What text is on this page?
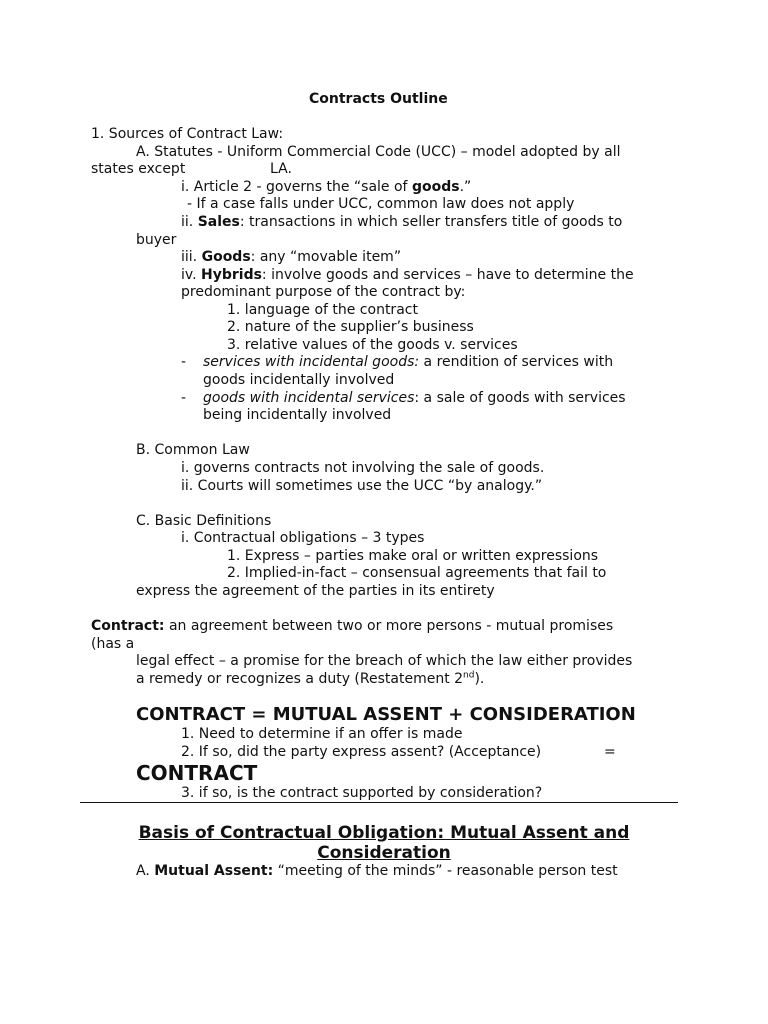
Contracts Outline
1. Sources of Contract Law:
A. Statutes - Uniform Commercial Code (UCC) – model adopted by all
states except	LA.
i. Article 2 - governs the “sale of goods.”
- If a case falls under UCC, common law does not apply
ii. Sales: transactions in which seller transfers title of goods to
buyer
iii. Goods: any “movable item”
iv. Hybrids: involve goods and services – have to determine the
predominant purpose of the contract by:
1. language of the contract
2. nature of the supplier’s business
3. relative values of the goods v. services
- services with incidental goods: a rendition of services with
goods incidentally involved
- goods with incidental services: a sale of goods with services
being incidentally involved
B. Common Law
i. governs contracts not involving the sale of goods.
ii. Courts will sometimes use the UCC “by analogy.”
C. Basic Definitions
i. Contractual obligations – 3 types
1. Express – parties make oral or written expressions
2. Implied-in-fact – consensual agreements that fail to
express the agreement of the parties in its entirety
Contract: an agreement between two or more persons - mutual promises
(has a
legal effect – a promise for the breach of which the law either provides
a remedy or recognizes a duty (Restatement 2nd).
CONTRACT = MUTUAL ASSENT + CONSIDERATION
1. Need to determine if an offer is made
2. If so, did the party express assent? (Acceptance)	=
CONTRACT
3. if so, is the contract supported by consideration?
Basis of Contractual Obligation: Mutual Assent and
Consideration
A. Mutual Assent: “meeting of the minds” - reasonable person test
